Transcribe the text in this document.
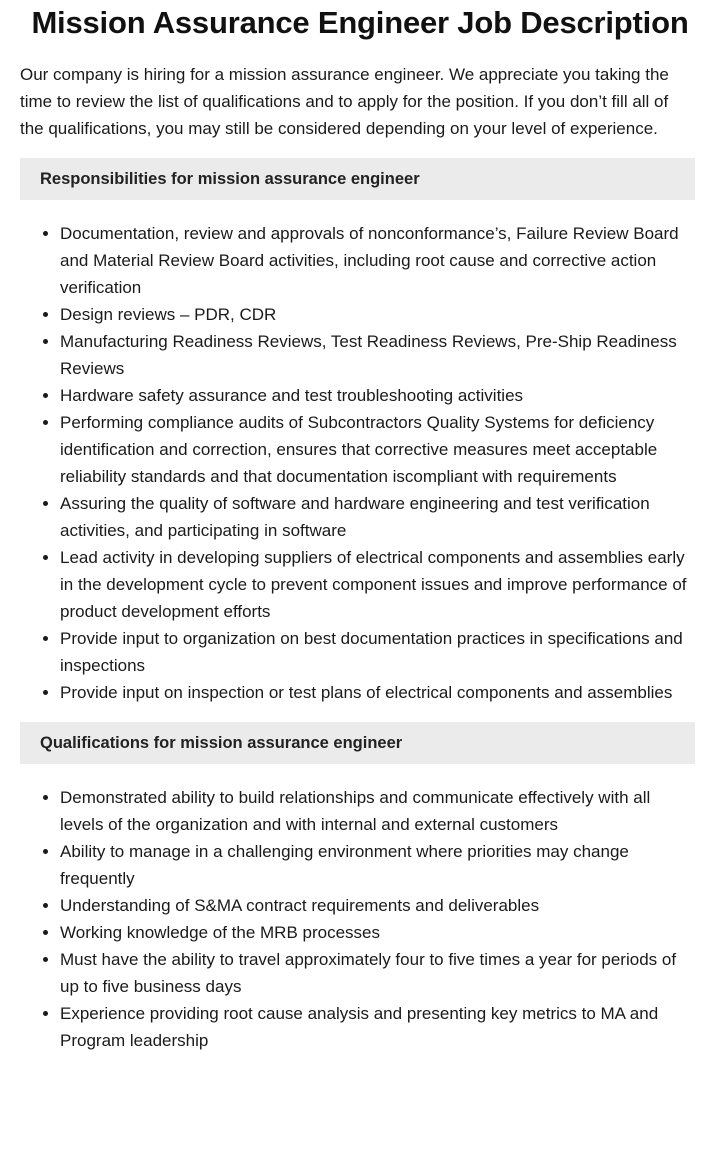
Mission Assurance Engineer Job Description

Our company is hiring for a mission assurance engineer. We appreciate you taking the time to review the list of qualifications and to apply for the position. If you don’t fill all of the qualifications, you may still be considered depending on your level of experience.

Responsibilities for mission assurance engineer
• Documentation, review and approvals of nonconformance’s, Failure Review Board and Material Review Board activities, including root cause and corrective action verification
• Design reviews – PDR, CDR
• Manufacturing Readiness Reviews, Test Readiness Reviews, Pre-Ship Readiness Reviews
• Hardware safety assurance and test troubleshooting activities
• Performing compliance audits of Subcontractors Quality Systems for deficiency identification and correction, ensures that corrective measures meet acceptable reliability standards and that documentation iscompliant with requirements
• Assuring the quality of software and hardware engineering and test verification activities, and participating in software
• Lead activity in developing suppliers of electrical components and assemblies early in the development cycle to prevent component issues and improve performance of product development efforts
• Provide input to organization on best documentation practices in specifications and inspections
• Provide input on inspection or test plans of electrical components and assemblies
Qualifications for mission assurance engineer
• Demonstrated ability to build relationships and communicate effectively with all levels of the organization and with internal and external customers
• Ability to manage in a challenging environment where priorities may change frequently
• Understanding of S&MA contract requirements and deliverables
• Working knowledge of the MRB processes
• Must have the ability to travel approximately four to five times a year for periods of up to five business days
• Experience providing root cause analysis and presenting key metrics to MA and Program leadership
